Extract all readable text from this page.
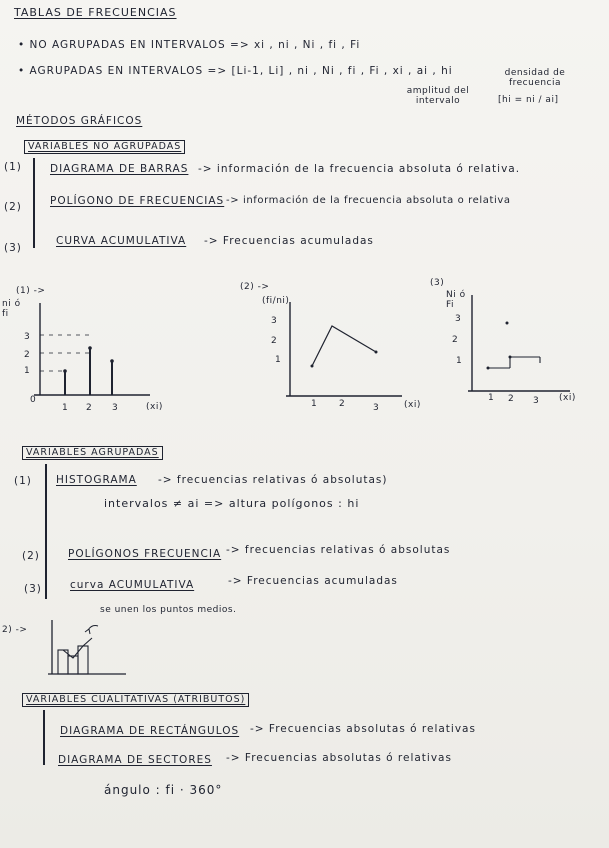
TABLAS DE FRECUENCIAS
• NO AGRUPADAS EN INTERVALOS => xi , ni , Ni , fi , Fi
• AGRUPADAS EN INTERVALOS => [Li-1, Li] , ni , Ni , fi , Fi , xi , ai , hi
amplitud del intervalo
densidad de frecuencia
[hi = ni / ai]
MÉTODOS GRÁFICOS
VARIABLES NO AGRUPADAS
(1)	DIAGRAMA DE BARRAS -> información de la frecuencia absoluta ó relativa.
(2)	POLÍGONO DE FRECUENCIAS -> información de la frecuencia absoluta o relativa
(3)
CURVA ACUMULATIVA -> Frecuencias acumuladas
(1) ->
ni ó fi
3
2
1
0
1 2 3	(xi)
(2) ->
(fi/ni)
3
2
1
1 2	3	(xi)
(3)
Ni ó Fi
3
2
1
1 2 3 (xi)
VARIABLES AGRUPADAS
(1) HISTOGRAMA -> frecuencias relativas ó absolutas)
intervalos ≠ ai => altura polígonos : hi
(2)	POLÍGONOS FRECUENCIA -> frecuencias relativas ó absolutas
(3)	curva ACUMULATIVA	-> Frecuencias acumuladas
2) ->
se unen los puntos medios.
VARIABLES CUALITATIVAS (ATRIBUTOS)
DIAGRAMA DE RECTÁNGULOS -> Frecuencias absolutas ó relativas
DIAGRAMA DE SECTORES -> Frecuencias absolutas ó relativas
ángulo : fi · 360°
